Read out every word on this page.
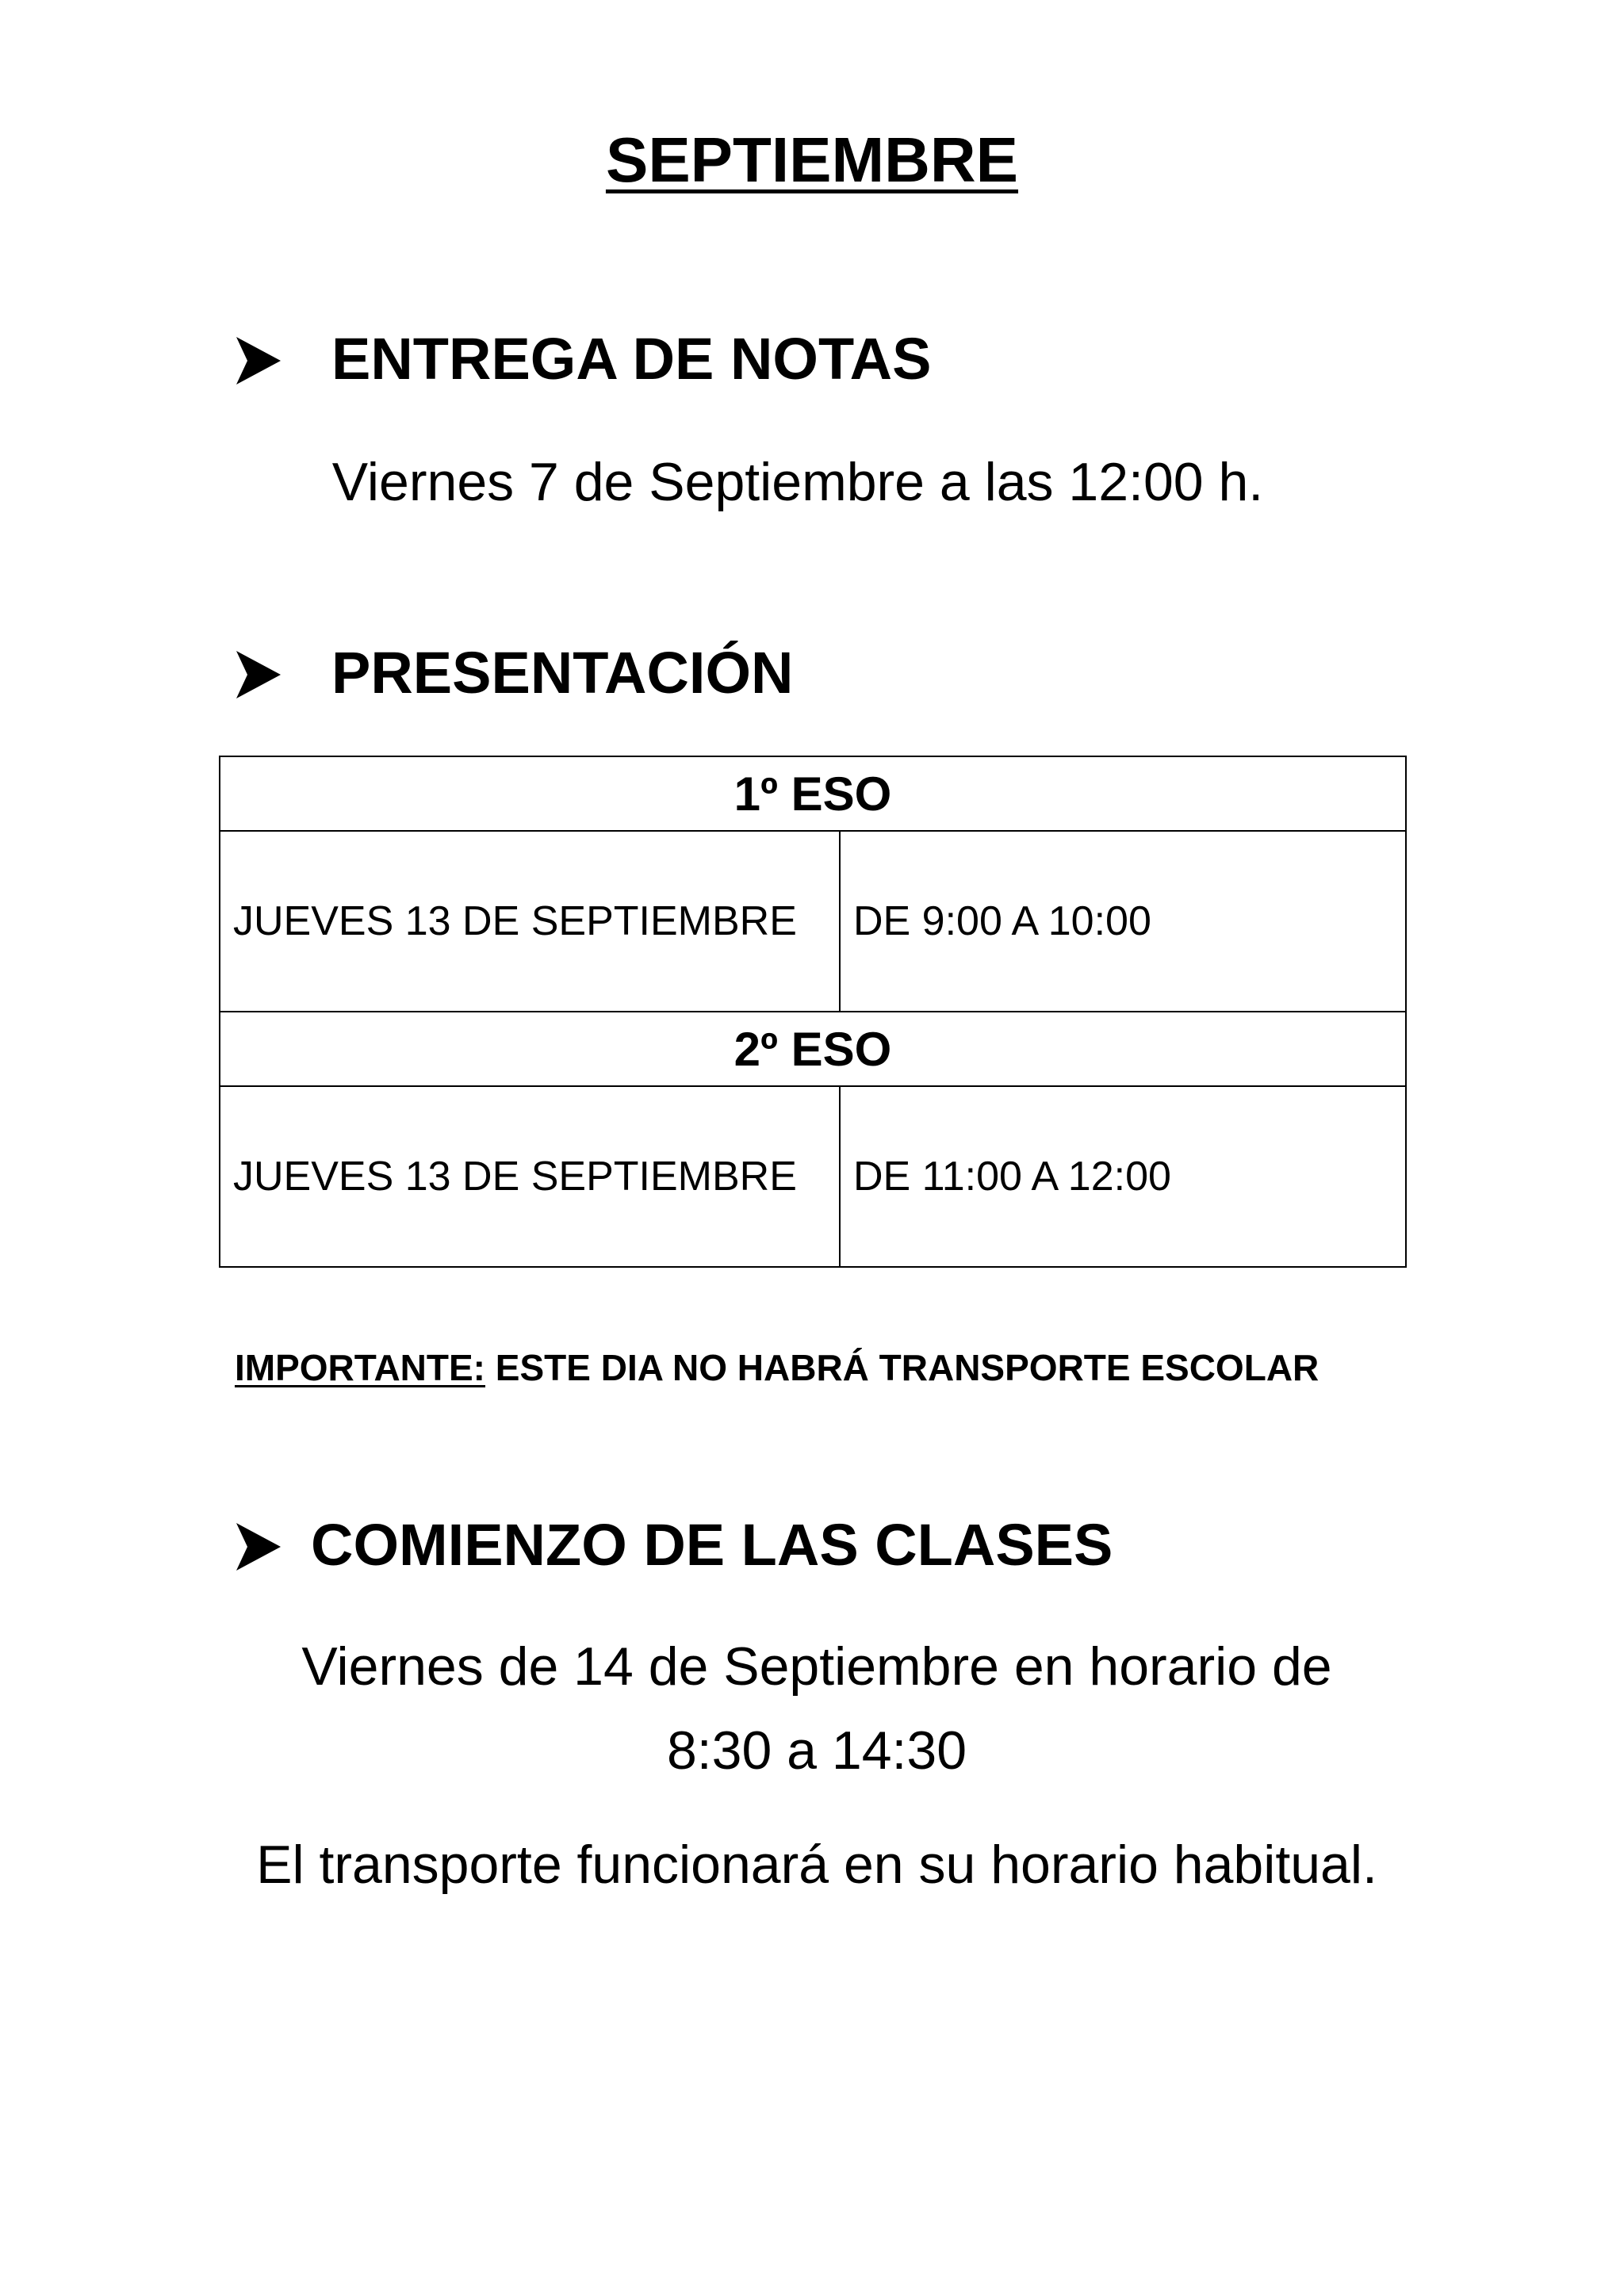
SEPTIEMBRE
ENTREGA DE NOTAS
Viernes 7 de Septiembre a las 12:00 h.
PRESENTACIÓN
1º ESO	
JUEVES 13 DE SEPTIEMBRE	DE 9:00 A 10:00
2º ESO	
JUEVES 13 DE SEPTIEMBRE	DE 11:00 A 12:00
IMPORTANTE: ESTE DIA NO HABRÁ TRANSPORTE ESCOLAR
COMIENZO DE LAS CLASES
Viernes de 14 de Septiembre en horario de
8:30 a 14:30
El transporte funcionará en su horario habitual.
